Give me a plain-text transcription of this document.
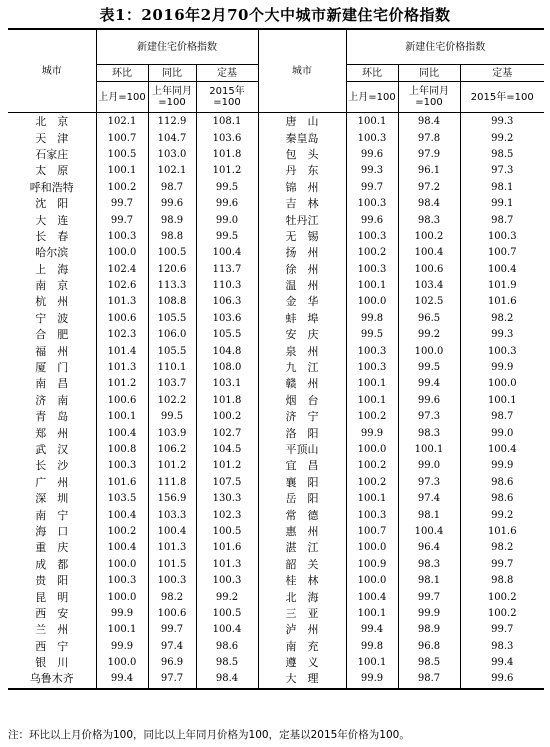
表1：2016年2月70个大中城市新建住宅价格指数
城市	新建住宅价格指数			城市	新建住宅价格指数		
	环比	同比	定基		环比	同比	定基
	上月=100	上年同月=100	2015年=100		上月=100	上年同月=100	2015年=100
北　京	102.1	112.9	108.1	唐　山	100.1	98.4	99.3
天　津	100.7	104.7	103.6	秦皇岛	100.3	97.8	99.2
石家庄	100.5	103.0	101.8	包　头	99.6	97.9	98.5
太　原	100.1	102.1	101.2	丹　东	99.3	96.1	97.3
呼和浩特	100.2	98.7	99.5	锦　州	99.7	97.2	98.1
沈　阳	99.7	99.6	99.6	吉　林	100.3	98.4	99.1
大　连	99.7	98.9	99.0	牡丹江	99.6	98.3	98.7
长　春	100.3	98.8	99.5	无　锡	100.3	100.2	100.3
哈尔滨	100.0	100.5	100.4	扬　州	100.2	100.4	100.7
上　海	102.4	120.6	113.7	徐　州	100.3	100.6	100.4
南　京	102.6	113.3	110.3	温　州	100.1	103.4	101.9
杭　州	101.3	108.8	106.3	金　华	100.0	102.5	101.6
宁　波	100.6	105.5	103.6	蚌　埠	99.8	96.5	98.2
合　肥	102.3	106.0	105.5	安　庆	99.5	99.2	99.3
福　州	101.4	105.5	104.8	泉　州	100.3	100.0	100.3
厦　门	101.3	110.1	108.0	九　江	100.3	99.5	99.9
南　昌	101.2	103.7	103.1	赣　州	100.1	99.4	100.0
济　南	100.6	102.2	101.8	烟　台	100.1	99.6	100.1
青　岛	100.1	99.5	100.2	济　宁	100.2	97.3	98.7
郑　州	100.4	103.9	102.7	洛　阳	99.9	98.3	99.0
武　汉	100.8	106.2	104.5	平顶山	100.0	100.1	100.4
长　沙	100.3	101.2	101.2	宜　昌	100.2	99.0	99.9
广　州	101.6	111.8	107.5	襄　阳	100.2	97.3	98.6
深　圳	103.5	156.9	130.3	岳　阳	100.1	97.4	98.6
南　宁	100.4	103.3	102.3	常　德	100.3	98.1	99.2
海　口	100.2	100.4	100.5	惠　州	100.7	100.4	101.6
重　庆	100.4	101.3	101.6	湛　江	100.0	96.4	98.2
成　都	100.0	101.5	101.3	韶　关	100.9	98.3	99.7
贵　阳	100.3	100.3	100.3	桂　林	100.0	98.1	98.8
昆　明	100.0	98.2	99.2	北　海	100.4	99.7	100.2
西　安	99.9	100.6	100.5	三　亚	100.1	99.9	100.2
兰　州	100.1	99.7	100.4	泸　州	99.4	98.9	99.7
西　宁	99.9	97.4	98.6	南　充	99.8	96.8	98.3
银　川	100.0	96.9	98.5	遵　义	100.1	98.5	99.4
乌鲁木齐	99.4	97.7	98.4	大　理	99.9	98.7	99.6
注：环比以上月价格为100，同比以上年同月价格为100，定基以2015年价格为100。
